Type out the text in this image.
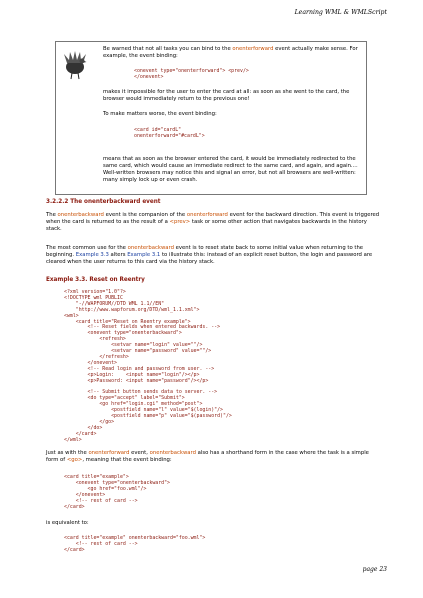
Learning WML & WMLScript

Be warned that not all tasks you can bind to the onenterforward event actually make sense. For example, the event binding:

<onevent type="onenterforward"> <prev/>
</onevent>

makes it impossible for the user to enter the card at all: as soon as she went to the card, the browser would immediately return to the previous one!

To make matters worse, the event binding:

<card id="cardL"
onenterforward="#cardL">

means that as soon as the browser entered the card, it would be immediately redirected to the same card, which would cause an immediate redirect to the same card, and again, and again.... Well-written browsers may notice this and signal an error, but not all browsers are well-written: many simply lock up or even crash.

3.2.2.2 The onenterbackward event

The onenterbackward event is the companion of the onenterforward event for the backward direction. This event is triggered when the card is returned to as the result of a <prev> task or some other action that navigates backwards in the history stack.

The most common use for the onenterbackward event is to reset state back to some initial value when returning to the beginning. Example 3.3 alters Example 3.1 to illustrate this: instead of an explicit reset button, the login and password are cleared when the user returns to this card via the history stack.

Example 3.3. Reset on Reentry
<?xml version="1.0"?>
<!DOCTYPE wml PUBLIC
"-//WAPFORUM//DTD WML 1.1//EN"
"http://www.wapforum.org/DTD/wml_1.1.xml">
<wml>
<card title="Reset on Reentry example">
<!-- Reset fields when entered backwards. -->
<onevent type="onenterbackward">
<refresh>
<setvar name="login" value=""/>
<setvar name="password" value=""/>
</refresh>
</onevent>
<!-- Read login and password from user. -->
<p>Login:    <input name="login"/></p>
<p>Password: <input name="password"/></p>

<!-- Submit button sends data to server. -->
<do type="accept" label="Submit">
<go href="login.cgi" method="post">
<postfield name="l" value="$(login)"/>
<postfield name="p" value="$(password)"/>
</go>
</do>
</card>
</wml>

Just as with the onenterforward event, onenterbackward also has a shorthand form in the case where the task is a simple form of <go>, meaning that the event binding:

<card title="example">
<onevent type="onenterbackward">
<go href="foo.wml"/>
</onevent>
<!-- rest of card -->
</card>

is equivalent to:

<card title="example" onenterbackward="foo.wml">
<!-- rest of card -->
</card>
page 23
